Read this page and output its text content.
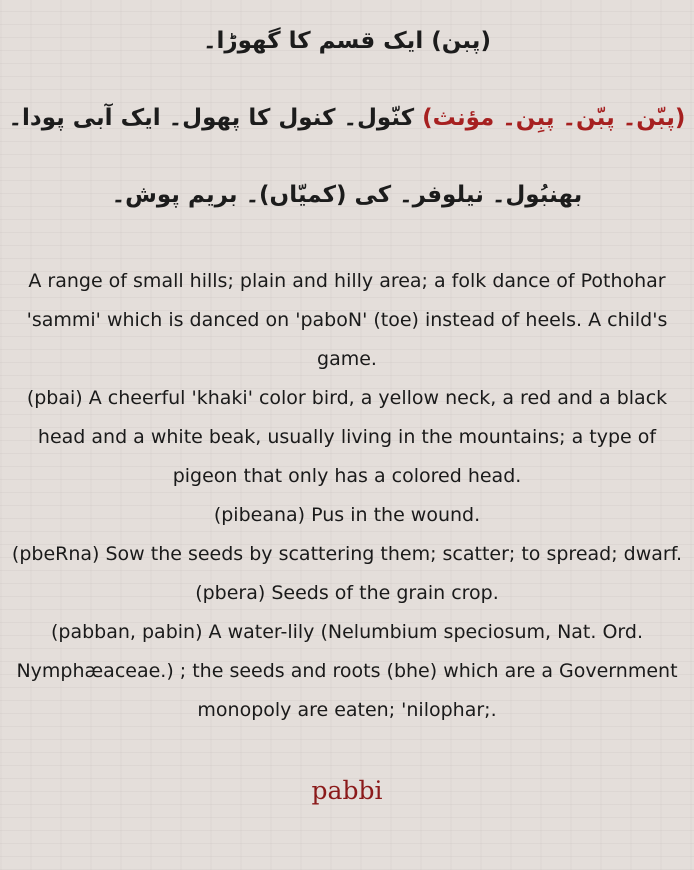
(پبن) ایک قسم کا گھوڑا۔
(پبّن۔ پبّن۔ پبِن۔ مؤنث) کنّول۔ کنول کا پھول۔ ایک آبی پودا۔
بھنبُول۔ نیلوفر۔ کی (کمیّاں)۔ بریم پوش۔

A range of small hills; plain and hilly area; a folk dance of Pothohar 'sammi' which is danced on 'paboN' (toe) instead of heels. A child's game.

(pbai) A cheerful 'khaki' color bird, a yellow neck, a red and a black head and a white beak, usually living in the mountains; a type of pigeon that only has a colored head.

(pibeana) Pus in the wound.

(pbeRna) Sow the seeds by scattering them; scatter; to spread; dwarf.

(pbera) Seeds of the grain crop.

(pabban, pabin) A water-lily (Nelumbium speciosum, Nat. Ord. Nymphæaceae.) ; the seeds and roots (bhe) which are a Government monopoly are eaten; 'nilophar;.

pabbi
